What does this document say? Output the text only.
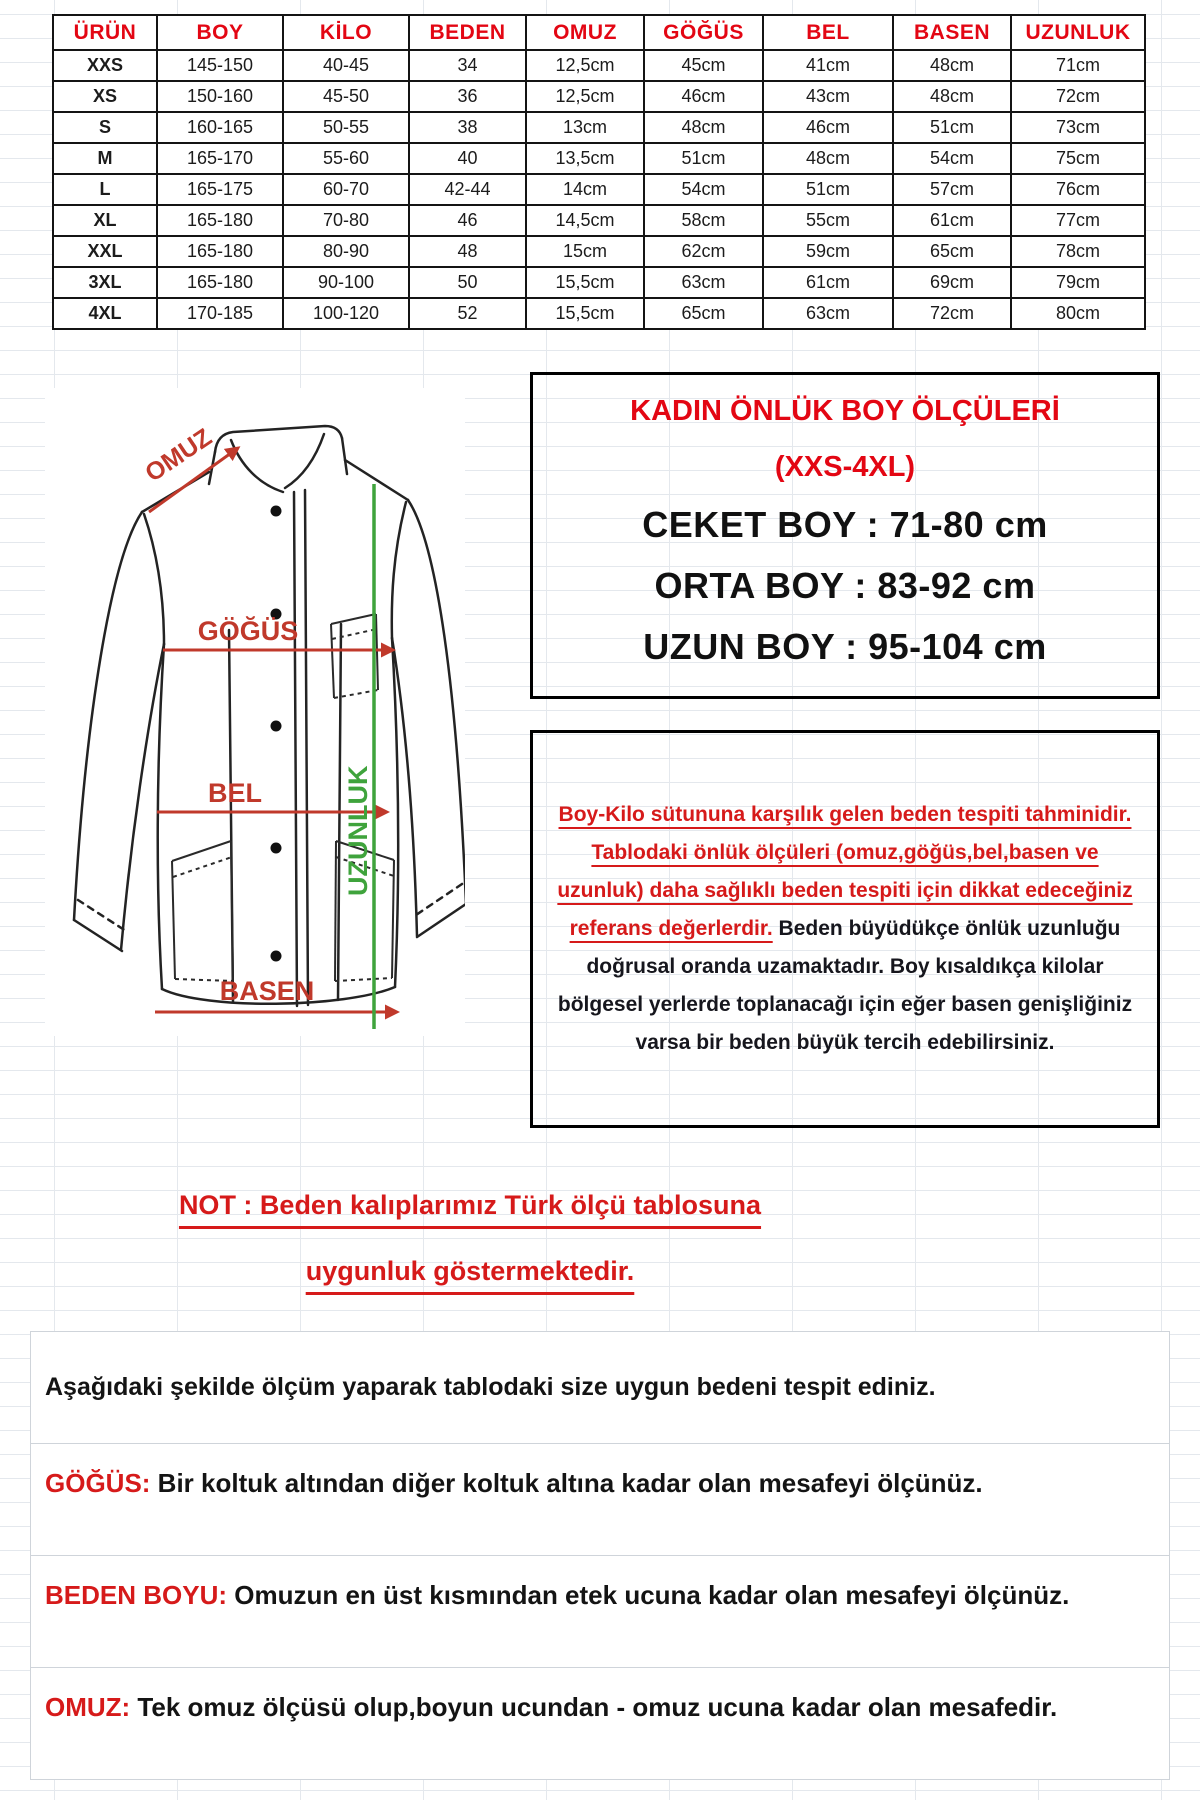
ÜRÜN	BOY	KİLO	BEDEN	OMUZ	GÖĞÜS	BEL	BASEN	UZUNLUK
XXS	145-150	40-45	34	12,5cm	45cm	41cm	48cm	71cm
XS	150-160	45-50	36	12,5cm	46cm	43cm	48cm	72cm
S	160-165	50-55	38	13cm	48cm	46cm	51cm	73cm
M	165-170	55-60	40	13,5cm	51cm	48cm	54cm	75cm
L	165-175	60-70	42-44	14cm	54cm	51cm	57cm	76cm
XL	165-180	70-80	46	14,5cm	58cm	55cm	61cm	77cm
XXL	165-180	80-90	48	15cm	62cm	59cm	65cm	78cm
3XL	165-180	90-100	50	15,5cm	63cm	61cm	69cm	79cm
4XL	170-185	100-120	52	15,5cm	65cm	63cm	72cm	80cm
OMUZ
GÖĞÜS
BEL
BASEN
UZUNLUK
KADIN ÖNLÜK BOY ÖLÇÜLERİ
(XXS-4XL)
CEKET BOY : 71-80 cm
ORTA BOY : 83-92 cm
UZUN BOY : 95-104 cm

Boy-Kilo sütununa karşılık gelen beden tespiti tahminidir. Tablodaki önlük ölçüleri (omuz,göğüs,bel,basen ve uzunluk) daha sağlıklı beden tespiti için dikkat edeceğiniz referans değerlerdir. Beden büyüdükçe önlük uzunluğu doğrusal oranda uzamaktadır. Boy kısaldıkça kilolar bölgesel yerlerde toplanacağı için eğer basen genişliğiniz varsa bir beden büyük tercih edebilirsiniz.

NOT : Beden kalıplarımız Türk ölçü tablosuna uygunluk göstermektedir.
Aşağıdaki şekilde ölçüm yaparak tablodaki size uygun bedeni tespit ediniz.
GÖĞÜS: Bir koltuk altından diğer koltuk altına kadar olan mesafeyi ölçünüz.
BEDEN BOYU: Omuzun en üst kısmından etek ucuna kadar olan mesafeyi ölçünüz.
OMUZ: Tek omuz ölçüsü olup,boyun ucundan - omuz ucuna kadar olan mesafedir.
